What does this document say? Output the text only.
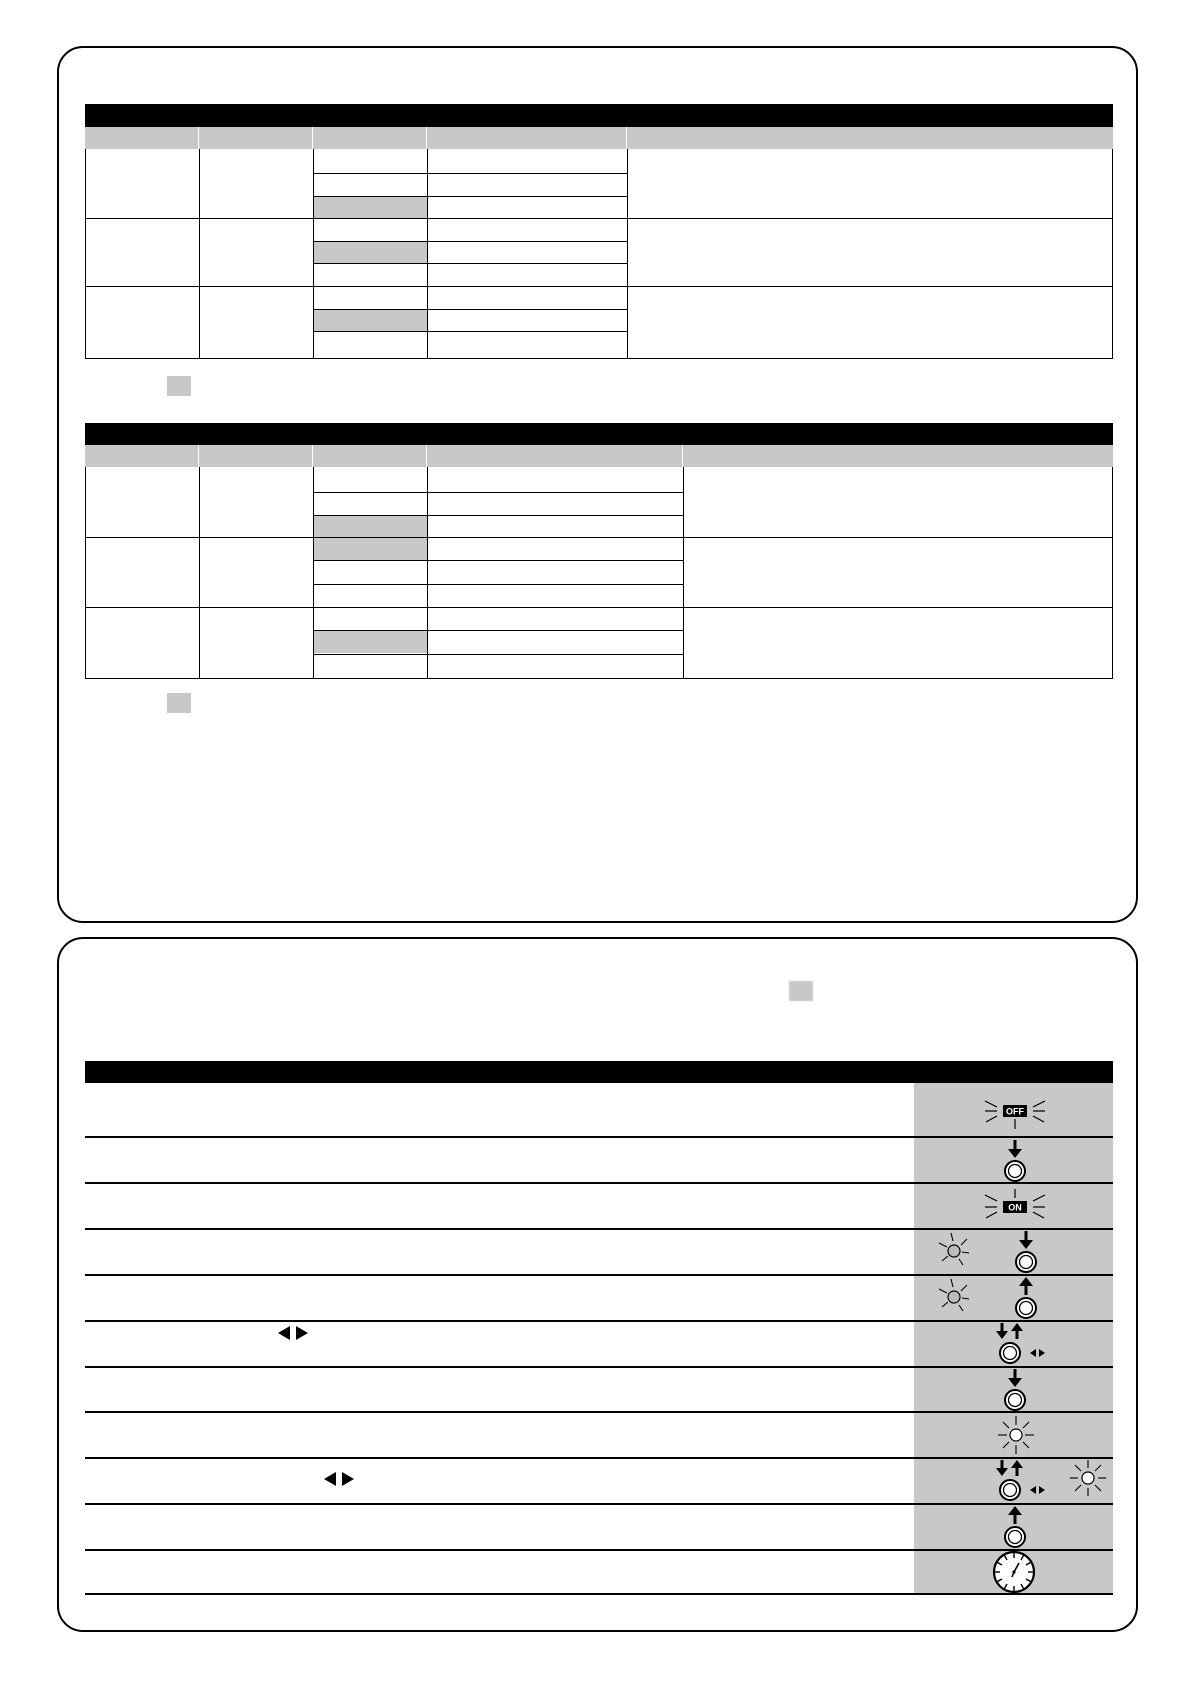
OFF
ON
